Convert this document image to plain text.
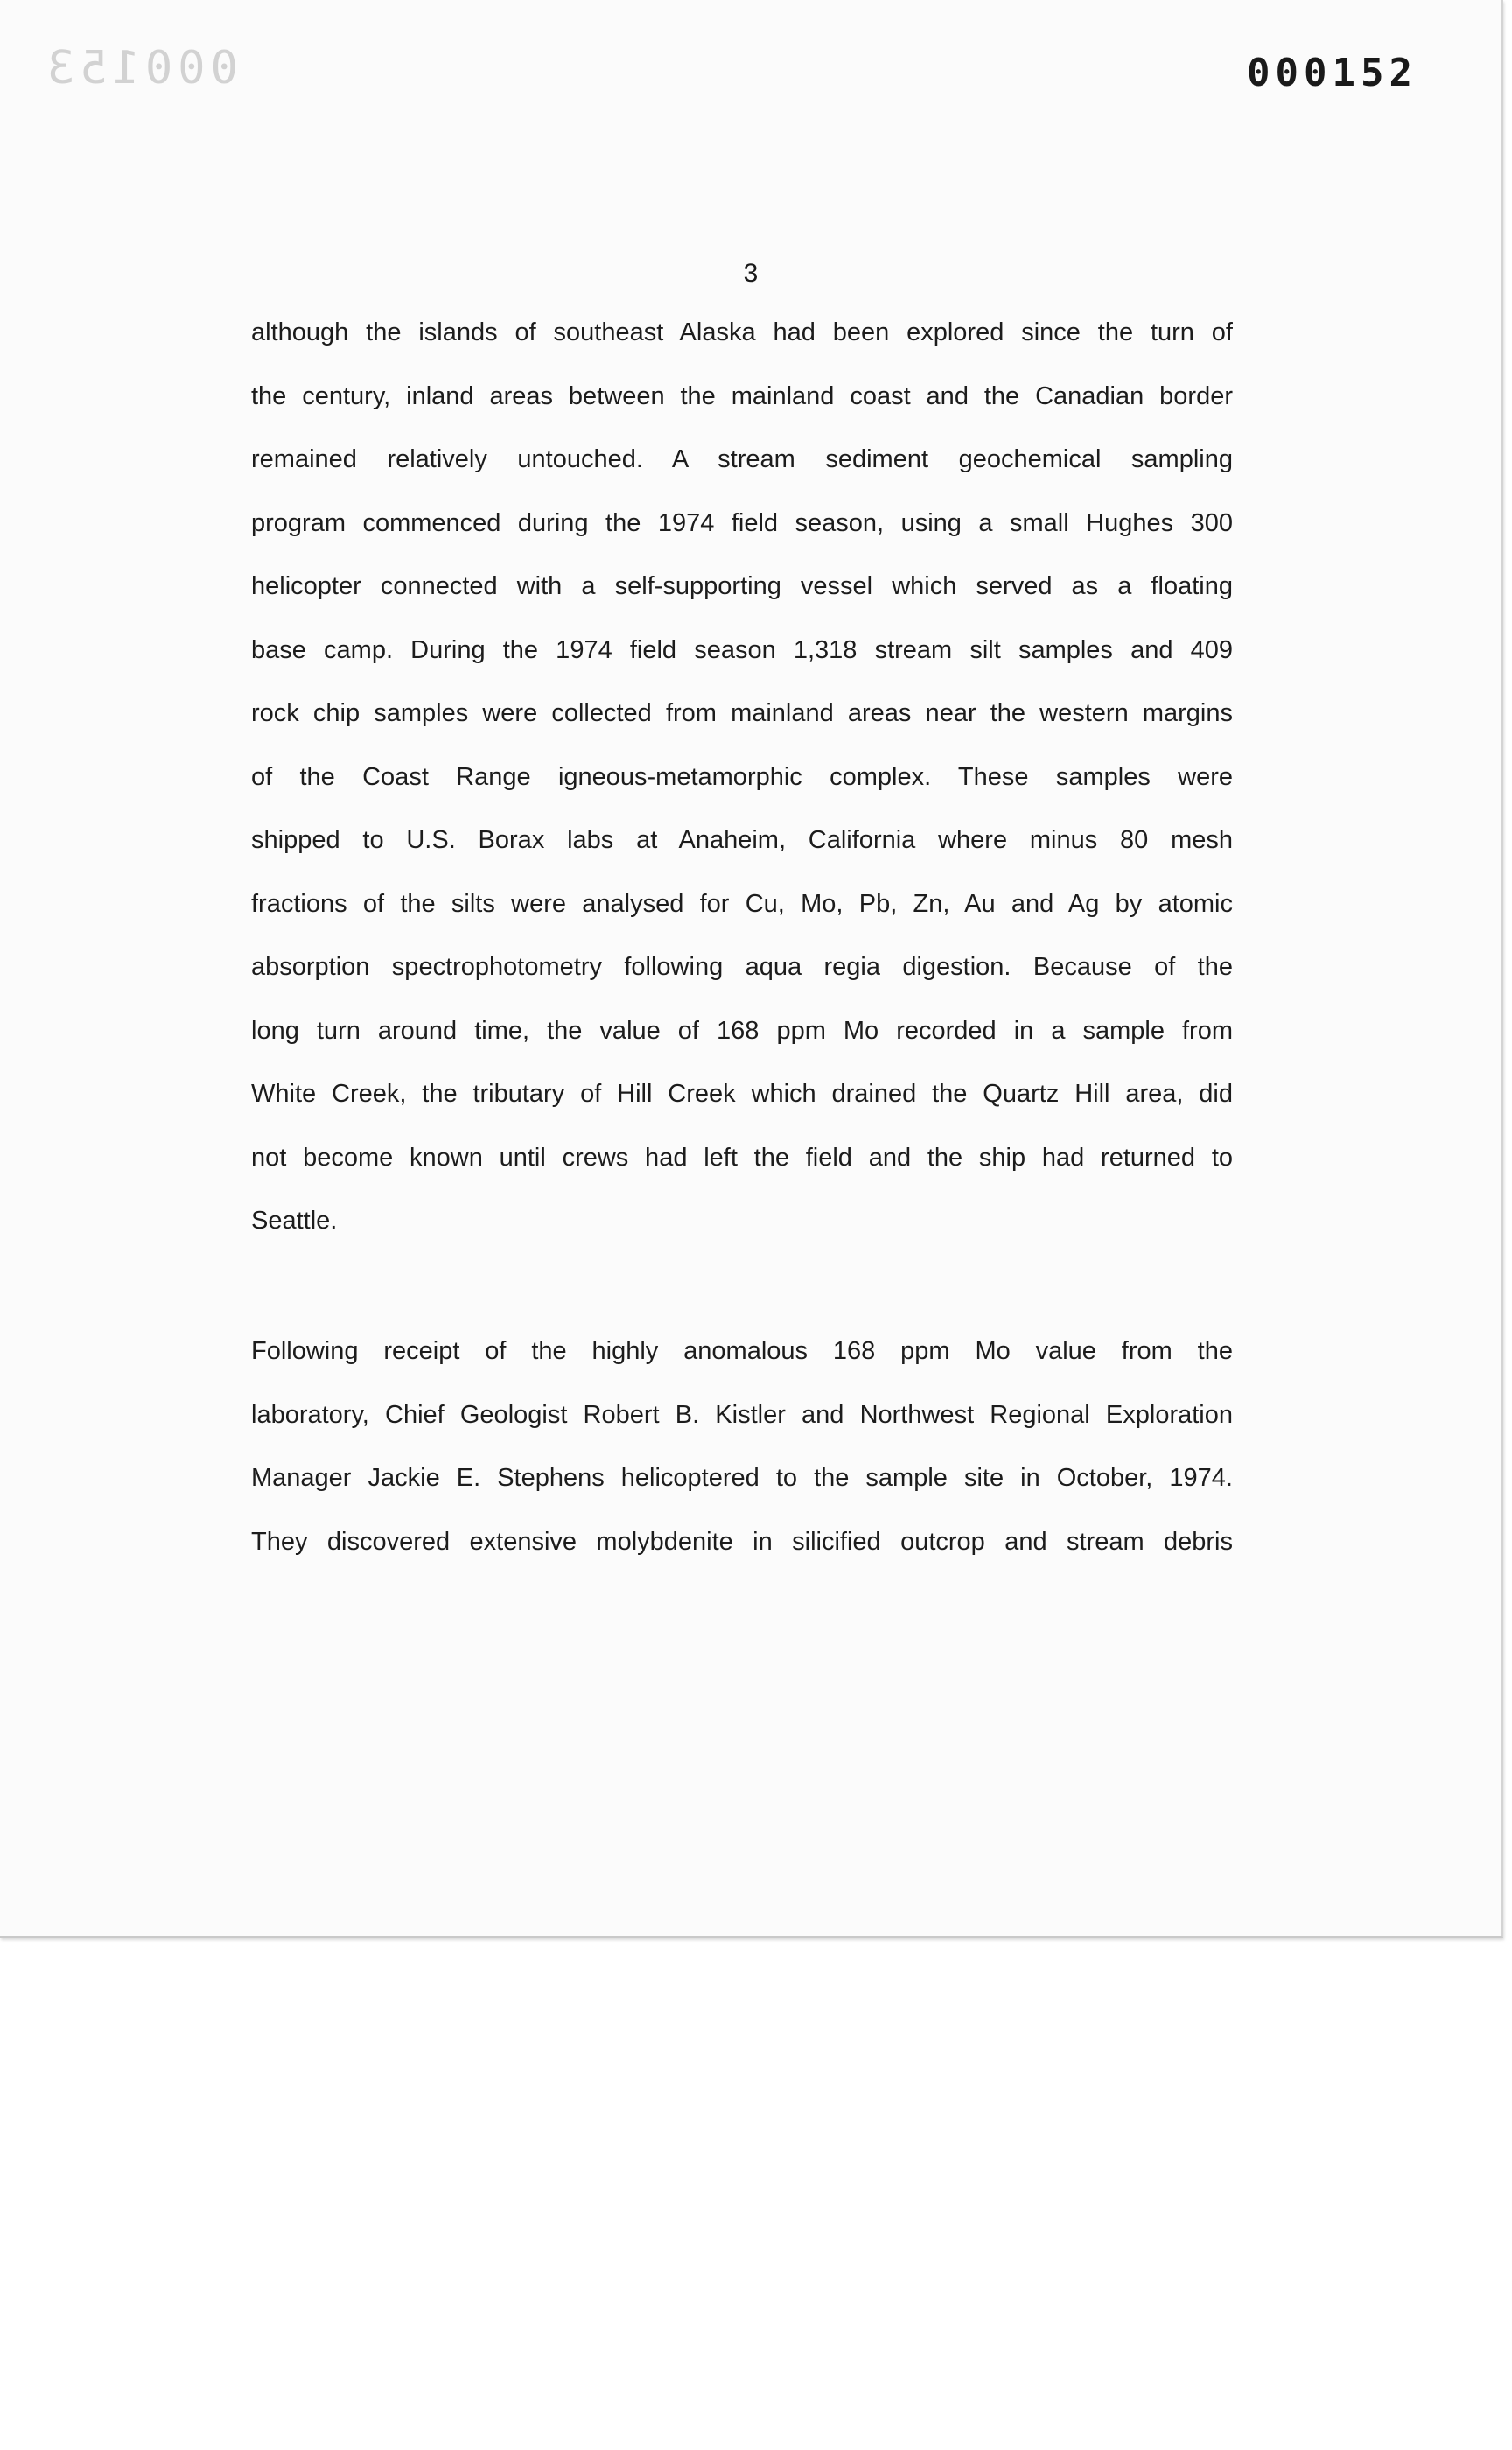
000153	000152
3

although the islands of southeast Alaska had been explored since the turn of
the century, inland areas between the mainland coast and the Canadian border
remained relatively untouched. A stream sediment geochemical sampling
program commenced during the 1974 field season, using a small Hughes 300
helicopter connected with a self-supporting vessel which served as a floating
base camp. During the 1974 field season 1,318 stream silt samples and 409
rock chip samples were collected from mainland areas near the western margins
of the Coast Range igneous-metamorphic complex. These samples were
shipped to U.S. Borax labs at Anaheim, California where minus 80 mesh
fractions of the silts were analysed for Cu, Mo, Pb, Zn, Au and Ag by atomic
absorption spectrophotometry following aqua regia digestion. Because of the
long turn around time, the value of 168 ppm Mo recorded in a sample from
White Creek, the tributary of Hill Creek which drained the Quartz Hill area, did
not become known until crews had left the field and the ship had returned to
Seattle.

Following receipt of the highly anomalous 168 ppm Mo value from the
laboratory, Chief Geologist Robert B. Kistler and Northwest Regional Exploration
Manager Jackie E. Stephens helicoptered to the sample site in October, 1974.
They discovered extensive molybdenite in silicified outcrop and stream debris
